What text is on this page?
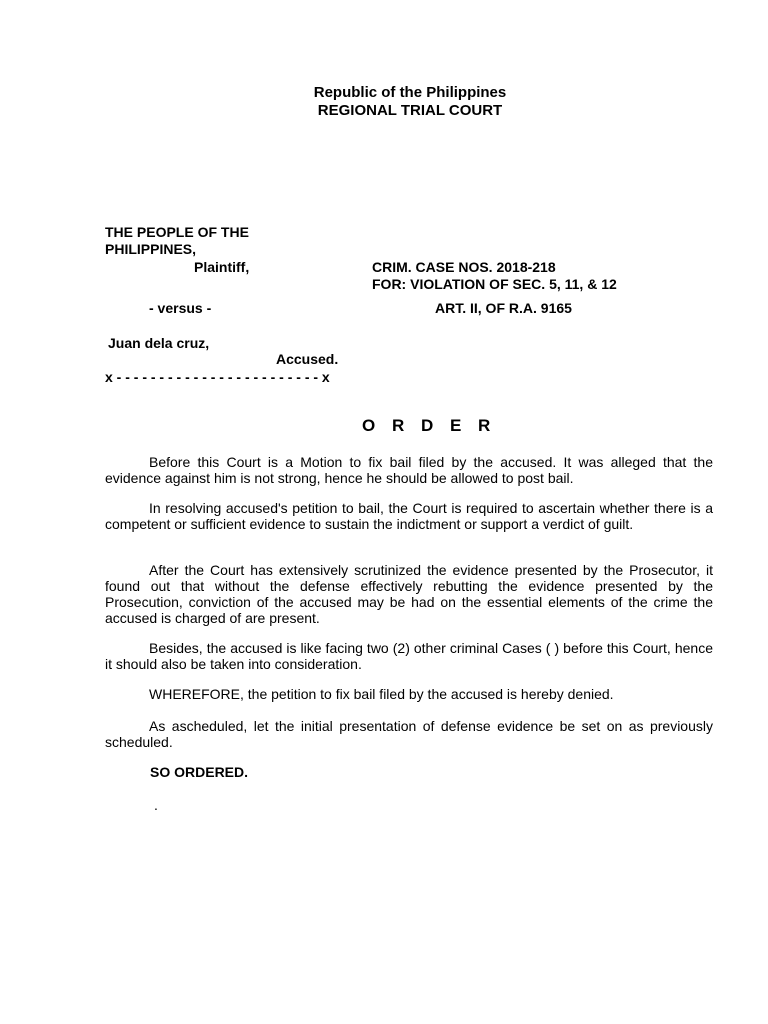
Republic of the Philippines
REGIONAL TRIAL COURT
THE PEOPLE OF THE
PHILIPPINES,
Plaintiff,	CRIM. CASE NOS. 2018-218
FOR: VIOLATION OF SEC. 5, 11, & 12
- versus -	ART. II, OF R.A. 9165
Juan dela cruz,
Accused.
x - - - - - - - - - - - - - - - - - - - - - - - - x
O R D E R
Before this Court is a Motion to fix bail filed by the accused. It was alleged that the evidence against him is not strong, hence he should be allowed to post bail.
In resolving accused's petition to bail, the Court is required to ascertain whether there is a competent or sufficient evidence to sustain the indictment or support a verdict of guilt.
After the Court has extensively scrutinized the evidence presented by the Prosecutor, it found out that without the defense effectively rebutting the evidence presented by the Prosecution, conviction of the accused may be had on the essential elements of the crime the accused is charged of are present.
Besides, the accused is like facing two (2) other criminal Cases ( ) before this Court, hence it should also be taken into consideration.
WHEREFORE, the petition to fix bail filed by the accused is hereby denied.
As ascheduled, let the initial presentation of defense evidence be set on as previously scheduled.
SO ORDERED.
.
